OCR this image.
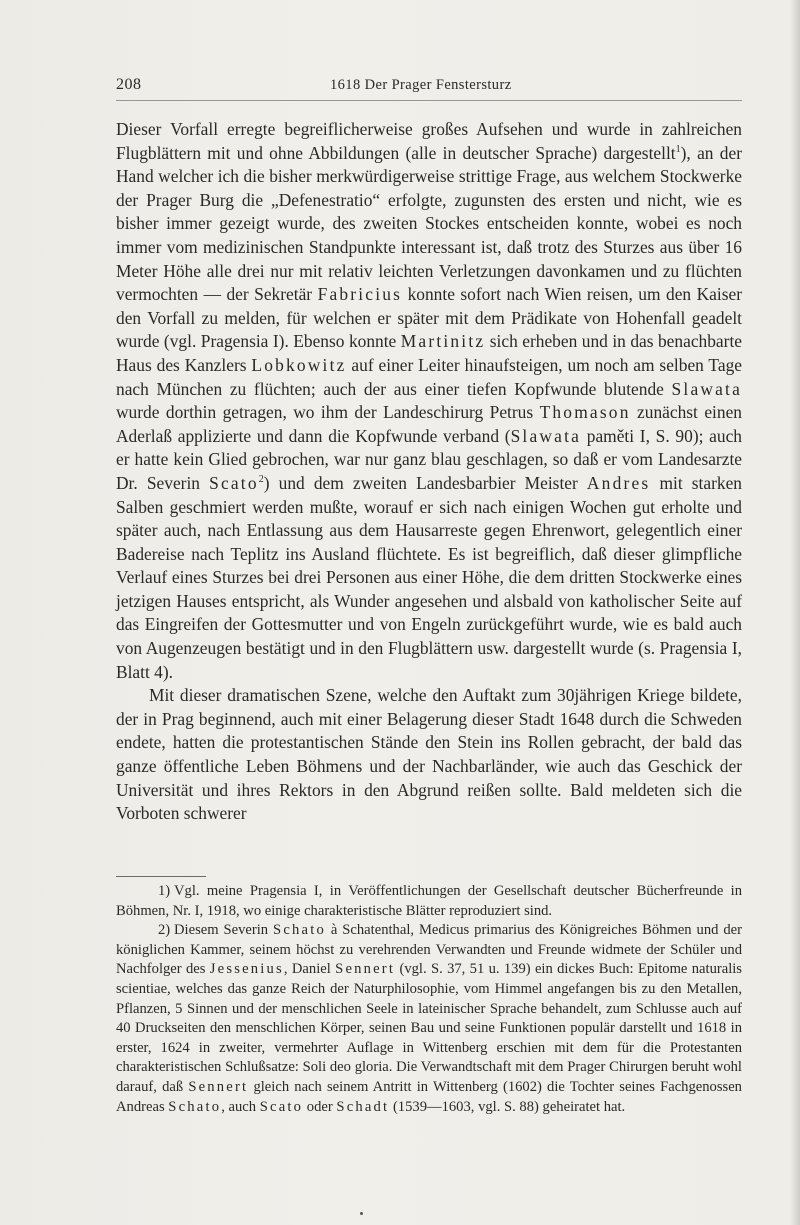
208	1618 Der Prager Fenstersturz

Dieser Vorfall erregte begreiflicherweise großes Aufsehen und wurde in zahlreichen Flugblättern mit und ohne Abbildungen (alle in deutscher Sprache) dargestellt$^1$), an der Hand welcher ich die bisher merkwürdigerweise strittige Frage, aus welchem Stockwerke der Prager Burg die „Defenestratio“ erfolgte, zugunsten des ersten und nicht, wie es bisher immer gezeigt wurde, des zweiten Stockes entscheiden konnte, wobei es noch immer vom medizinischen Standpunkte interessant ist, daß trotz des Sturzes aus über 16 Meter Höhe alle drei nur mit relativ leichten Verletzungen davonkamen und zu flüchten vermochten — der Sekretär Fabricius konnte sofort nach Wien reisen, um den Kaiser den Vorfall zu melden, für welchen er später mit dem Prädikate von Hohenfall geadelt wurde (vgl. Pragensia I). Ebenso konnte Martinitz sich erheben und in das benachbarte Haus des Kanzlers Lobkowitz auf einer Leiter hinaufsteigen, um noch am selben Tage nach München zu flüchten; auch der aus einer tiefen Kopfwunde blutende Slawata wurde dorthin getragen, wo ihm der Landeschirurg Petrus Thomason zunächst einen Aderlaß applizierte und dann die Kopfwunde verband (Slawata paměti I, S. 90); auch er hatte kein Glied gebrochen, war nur ganz blau geschlagen, so daß er vom Landesarzte Dr. Severin Scato$^2$) und dem zweiten Landesbarbier Meister Andres mit starken Salben geschmiert werden mußte, worauf er sich nach einigen Wochen gut erholte und später auch, nach Entlassung aus dem Hausarreste gegen Ehrenwort, gelegentlich einer Badereise nach Teplitz ins Ausland flüchtete. Es ist begreiflich, daß dieser glimpfliche Verlauf eines Sturzes bei drei Personen aus einer Höhe, die dem dritten Stockwerke eines jetzigen Hauses entspricht, als Wunder angesehen und alsbald von katholischer Seite auf das Eingreifen der Gottesmutter und von Engeln zurückgeführt wurde, wie es bald auch von Augenzeugen bestätigt und in den Flugblättern usw. dargestellt wurde (s. Pragensia I, Blatt 4).

Mit dieser dramatischen Szene, welche den Auftakt zum 30jährigen Kriege bildete, der in Prag beginnend, auch mit einer Belagerung dieser Stadt 1648 durch die Schweden endete, hatten die protestantischen Stände den Stein ins Rollen gebracht, der bald das ganze öffentliche Leben Böhmens und der Nachbarländer, wie auch das Geschick der Universität und ihres Rektors in den Abgrund reißen sollte. Bald meldeten sich die Vorboten schwerer

1) Vgl. meine Pragensia I, in Veröffentlichungen der Gesellschaft deutscher Bücherfreunde in Böhmen, Nr. I, 1918, wo einige charakteristische Blätter reproduziert sind.

2) Diesem Severin Schato à Schatenthal, Medicus primarius des Königreiches Böhmen und der königlichen Kammer, seinem höchst zu verehrenden Verwandten und Freunde widmete der Schüler und Nachfolger des Jessenius, Daniel Sennert (vgl. S. 37, 51 u. 139) ein dickes Buch: Epitome naturalis scientiae, welches das ganze Reich der Naturphilosophie, vom Himmel angefangen bis zu den Metallen, Pflanzen, 5 Sinnen und der menschlichen Seele in lateinischer Sprache behandelt, zum Schlusse auch auf 40 Druckseiten den menschlichen Körper, seinen Bau und seine Funktionen populär darstellt und 1618 in erster, 1624 in zweiter, vermehrter Auflage in Wittenberg erschien mit dem für die Protestanten charakteristischen Schlußsatze: Soli deo gloria. Die Verwandtschaft mit dem Prager Chirurgen beruht wohl darauf, daß Sennert gleich nach seinem Antritt in Wittenberg (1602) die Tochter seines Fachgenossen Andreas Schato, auch Scato oder Schadt (1539—1603, vgl. S. 88) geheiratet hat.
